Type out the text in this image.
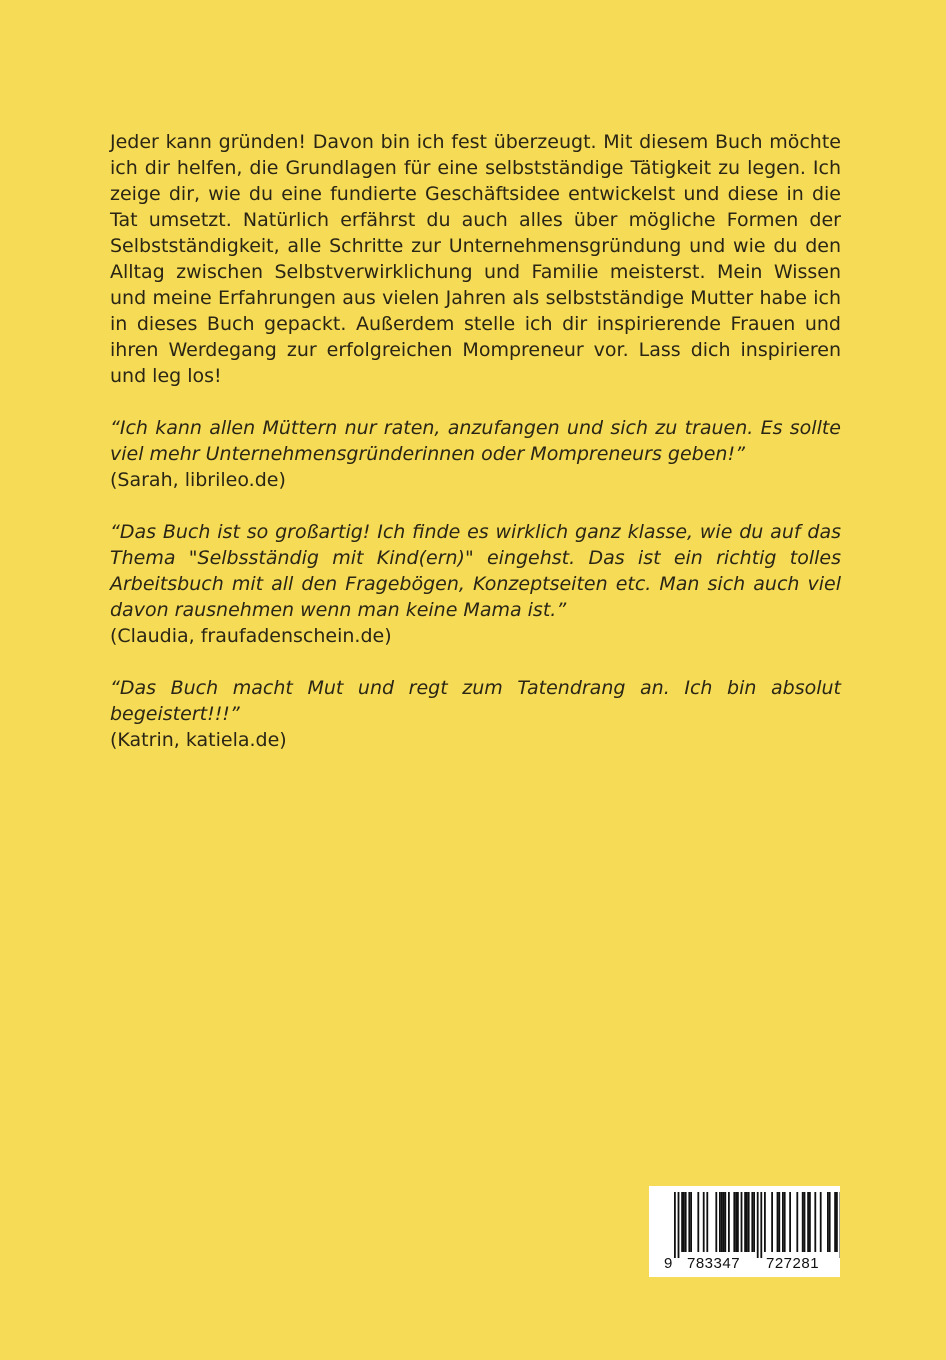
Jeder kann gründen! Davon bin ich fest überzeugt. Mit diesem Buch möchte ich dir helfen, die Grundlagen für eine selbstständige Tätigkeit zu legen. Ich zeige dir, wie du eine fundierte Geschäftsidee entwickelst und diese in die Tat umsetzt. Natürlich erfährst du auch alles über mögliche Formen der Selbstständigkeit, alle Schritte zur Unternehmensgründung und wie du den Alltag zwischen Selbstverwirklichung und Familie meisterst. Mein Wissen und meine Erfahrungen aus vielen Jahren als selbstständige Mutter habe ich in dieses Buch gepackt. Außerdem stelle ich dir inspirierende Frauen und ihren Werdegang zur erfolgreichen Mompreneur vor. Lass dich inspirieren und leg los!

“Ich kann allen Müttern nur raten, anzufangen und sich zu trauen. Es sollte viel mehr Unternehmensgründerinnen oder Mompreneurs geben!”

(Sarah, librileo.de)

“Das Buch ist so großartig! Ich finde es wirklich ganz klasse, wie du auf das Thema "Selbsständig mit Kind(ern)" eingehst. Das ist ein richtig tolles Arbeitsbuch mit all den Fragebögen, Konzeptseiten etc. Man sich auch viel davon rausnehmen wenn man keine Mama ist.”

(Claudia, fraufadenschein.de)

“Das Buch macht Mut und regt zum Tatendrang an. Ich bin absolut begeistert!!!”

(Katrin, katiela.de)

9 783347 727281
